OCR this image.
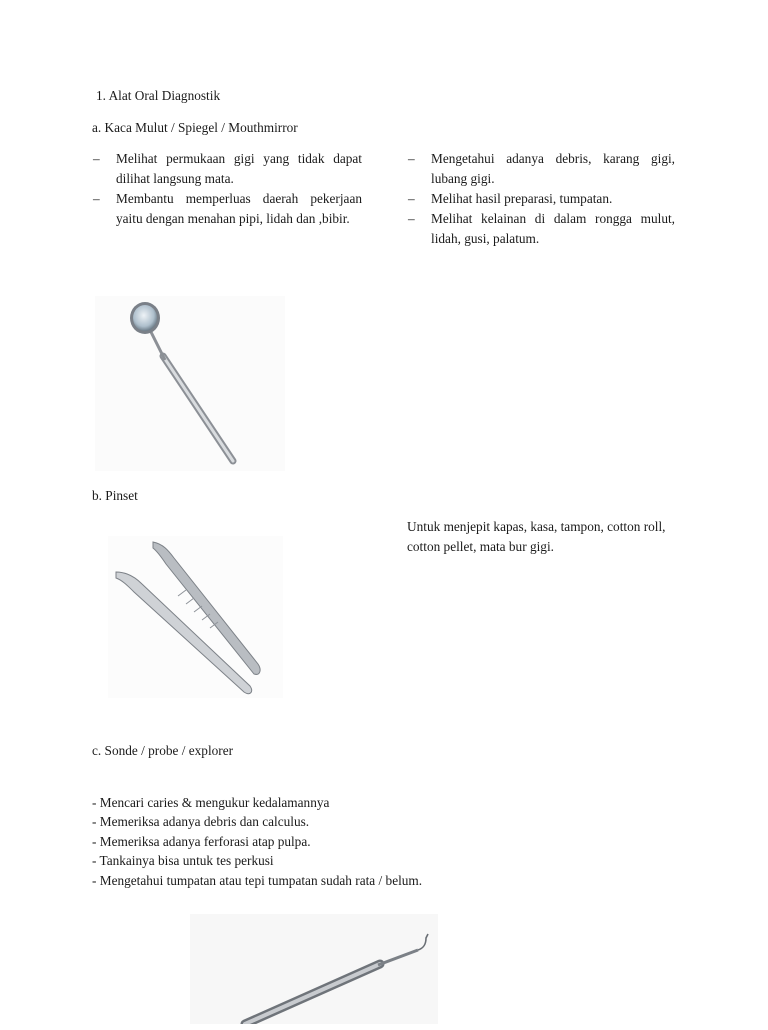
1. Alat Oral Diagnostik

a. Kaca Mulut / Spiegel / Mouthmirror

– Melihat permukaan gigi yang tidak dapat dilihat langsung mata.
– Membantu memperluas daerah pekerjaan yaitu dengan menahan pipi, lidah dan ,bibir.
– Mengetahui adanya debris, karang gigi, lubang gigi.
– Melihat hasil preparasi, tumpatan.
– Melihat kelainan di dalam rongga mulut, lidah, gusi, palatum.

b. Pinset

Untuk menjepit kapas, kasa, tampon, cotton roll, cotton pellet, mata bur gigi.

c. Sonde / probe / explorer

- Mencari caries & mengukur kedalamannya
- Memeriksa adanya debris dan calculus.
- Memeriksa adanya ferforasi atap pulpa.
- Tankainya bisa untuk tes perkusi
- Mengetahui tumpatan atau tepi tumpatan sudah rata / belum.
